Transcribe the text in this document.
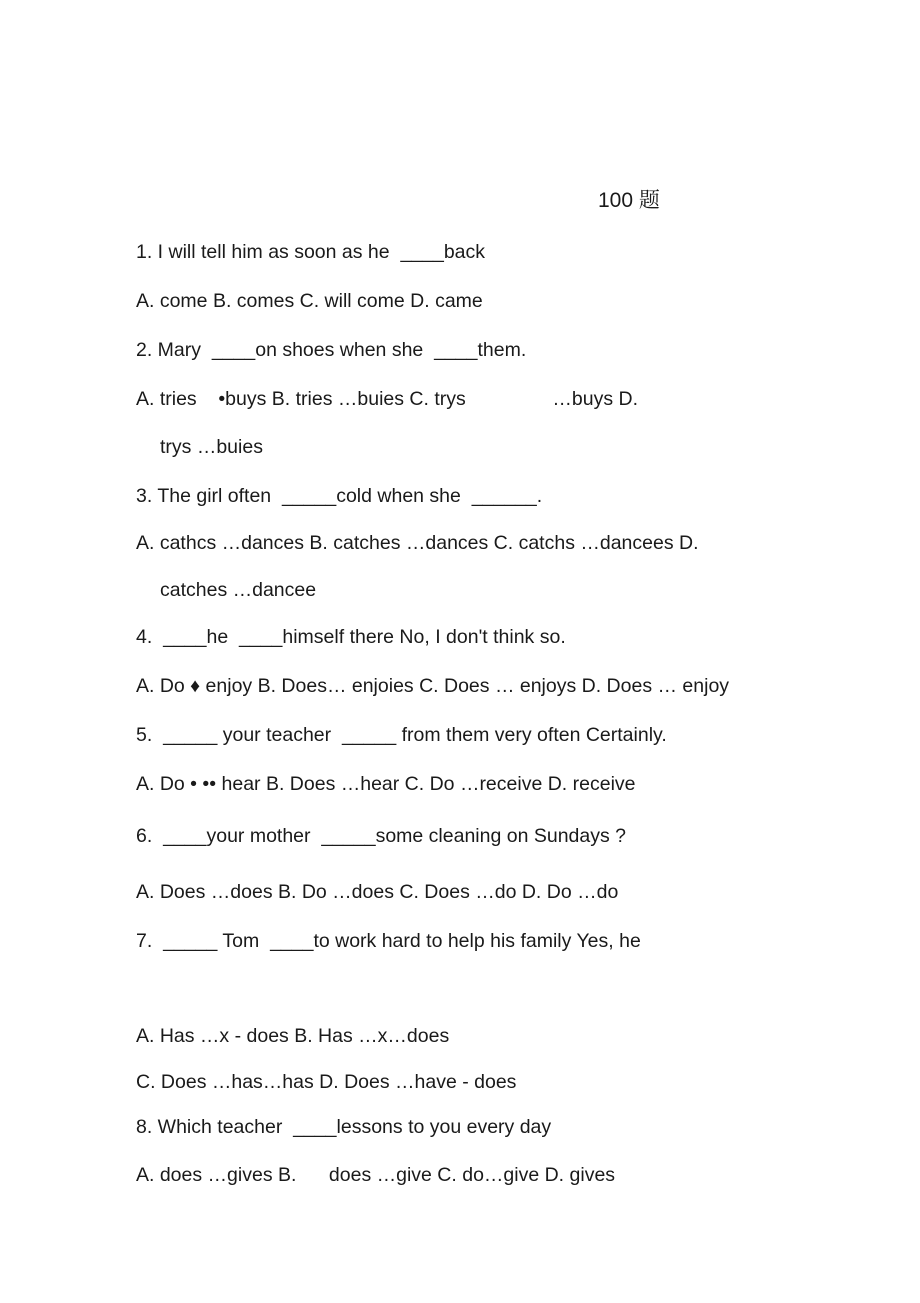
100 题
1. I will tell him as soon as he  ____back
A. come B. comes C. will come D. came
2. Mary  ____on shoes when she  ____them.
A. tries    •buys B. tries …buies C. trys                …buys D.
trys …buies
3. The girl often  _____cold when she  ______.
A. cathcs …dances B. catches …dances C. catchs …dancees D.
catches …dancee
4.  ____he  ____himself there No, I don't think so.
A. Do ♦ enjoy B. Does… enjoies C. Does … enjoys D. Does … enjoy
5.  _____ your teacher  _____ from them very often Certainly.
A. Do • •• hear B. Does …hear C. Do …receive D. receive
6.  ____your mother  _____some cleaning on Sundays ?
A. Does …does B. Do …does C. Does …do D. Do …do
7.  _____ Tom  ____to work hard to help his family Yes, he
A. Has …x - does B. Has …x…does
C. Does …has…has D. Does …have - does
8. Which teacher  ____lessons to you every day
A. does …gives B.      does …give C. do…give D. gives
